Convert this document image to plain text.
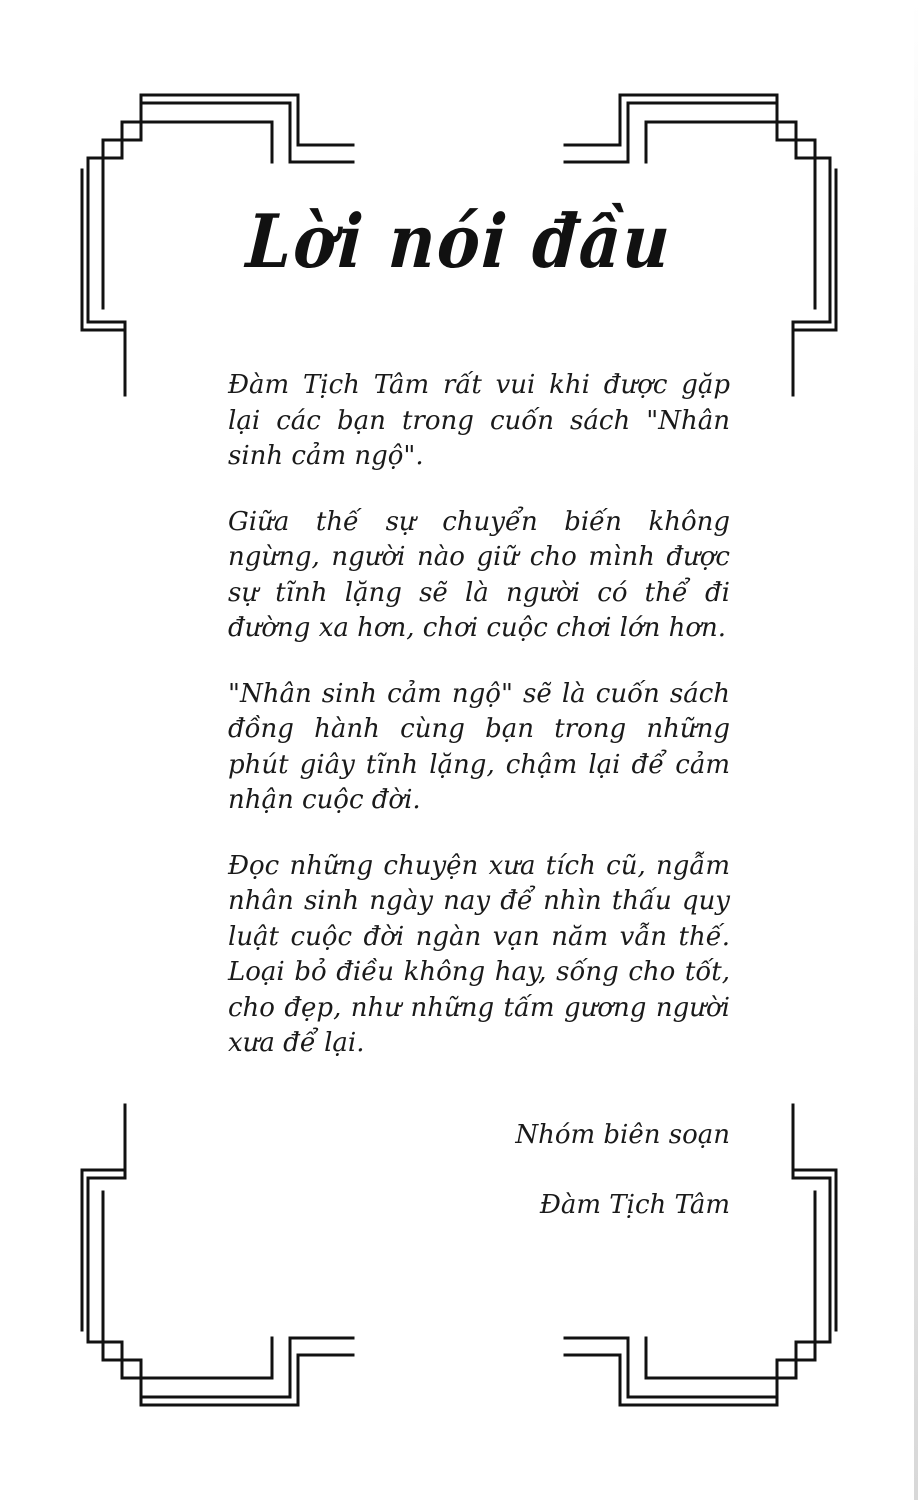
Lời nói đầu

Đàm Tịch Tâm rất vui khi được gặp lại các bạn trong cuốn sách "Nhân sinh cảm ngộ".

Giữa thế sự chuyển biến không ngừng, người nào giữ cho mình được sự tĩnh lặng sẽ là người có thể đi đường xa hơn, chơi cuộc chơi lớn hơn.

"Nhân sinh cảm ngộ" sẽ là cuốn sách đồng hành cùng bạn trong những phút giây tĩnh lặng, chậm lại để cảm nhận cuộc đời.

Đọc những chuyện xưa tích cũ, ngẫm nhân sinh ngày nay để nhìn thấu quy luật cuộc đời ngàn vạn năm vẫn thế. Loại bỏ điều không hay, sống cho tốt, cho đẹp, như những tấm gương người xưa để lại.

Nhóm biên soạn
Đàm Tịch Tâm
